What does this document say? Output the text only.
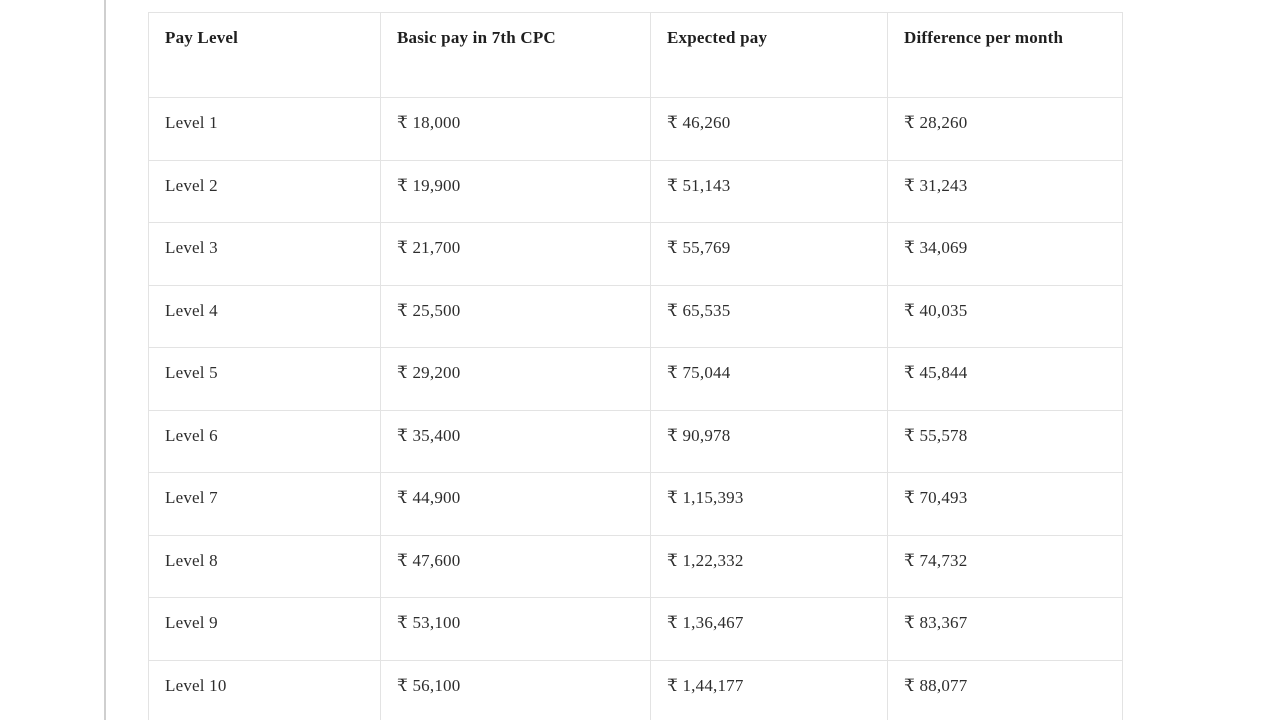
Pay Level	Basic pay in 7th CPC	Expected pay	Difference per month
Level 1	₹ 18,000	₹ 46,260	₹ 28,260
Level 2	₹ 19,900	₹ 51,143	₹ 31,243
Level 3	₹ 21,700	₹ 55,769	₹ 34,069
Level 4	₹ 25,500	₹ 65,535	₹ 40,035
Level 5	₹ 29,200	₹ 75,044	₹ 45,844
Level 6	₹ 35,400	₹ 90,978	₹ 55,578
Level 7	₹ 44,900	₹ 1,15,393	₹ 70,493
Level 8	₹ 47,600	₹ 1,22,332	₹ 74,732
Level 9	₹ 53,100	₹ 1,36,467	₹ 83,367
Level 10	₹ 56,100	₹ 1,44,177	₹ 88,077
